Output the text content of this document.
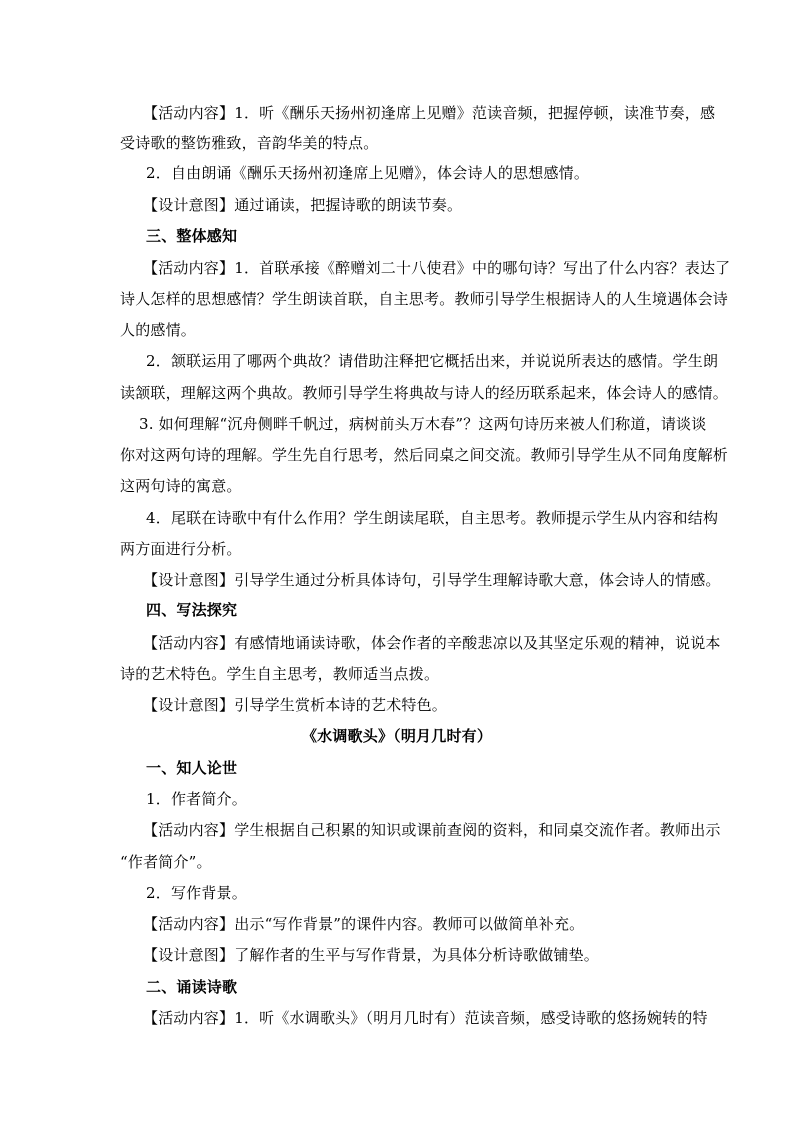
【活动内容】1．听《酬乐天扬州初逢席上见赠》范读音频，把握停顿，读准节奏，感
受诗歌的整饬雅致，音韵华美的特点。
2．自由朗诵《酬乐天扬州初逢席上见赠》，体会诗人的思想感情。
【设计意图】通过诵读，把握诗歌的朗读节奏。
三、整体感知
【活动内容】1．首联承接《醉赠刘二十八使君》中的哪句诗？写出了什么内容？表达了
诗人怎样的思想感情？学生朗读首联，自主思考。教师引导学生根据诗人的人生境遇体会诗
人的感情。
2．颔联运用了哪两个典故？请借助注释把它概括出来，并说说所表达的感情。学生朗
读颔联，理解这两个典故。教师引导学生将典故与诗人的经历联系起来，体会诗人的感情。
3. 如何理解“沉舟侧畔千帆过，病树前头万木春”？这两句诗历来被人们称道，请谈谈
你对这两句诗的理解。学生先自行思考，然后同桌之间交流。教师引导学生从不同角度解析
这两句诗的寓意。
4．尾联在诗歌中有什么作用？学生朗读尾联，自主思考。教师提示学生从内容和结构
两方面进行分析。
【设计意图】引导学生通过分析具体诗句，引导学生理解诗歌大意，体会诗人的情感。
四、写法探究
【活动内容】有感情地诵读诗歌，体会作者的辛酸悲凉以及其坚定乐观的精神，说说本
诗的艺术特色。学生自主思考，教师适当点拨。
【设计意图】引导学生赏析本诗的艺术特色。
《水调歌头》（明月几时有）
一、知人论世
1．作者简介。
【活动内容】学生根据自己积累的知识或课前查阅的资料，和同桌交流作者。教师出示
“作者简介”。
2．写作背景。
【活动内容】出示“写作背景”的课件内容。教师可以做简单补充。
【设计意图】了解作者的生平与写作背景，为具体分析诗歌做铺垫。
二、诵读诗歌
【活动内容】1．听《水调歌头》（明月几时有）范读音频，感受诗歌的悠扬婉转的特
